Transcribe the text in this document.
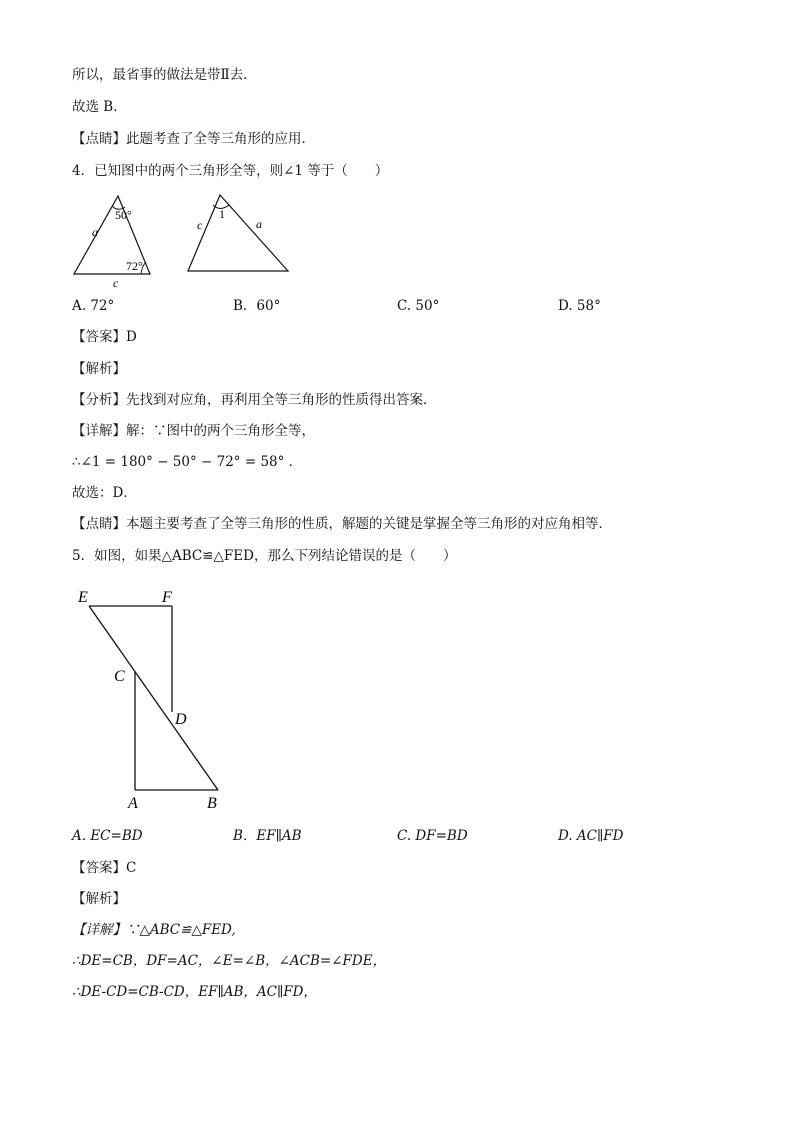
所以，最省事的做法是带Ⅱ去．
故选 B．
【点睛】此题考查了全等三角形的应用．
4．已知图中的两个三角形全等，则∠1 等于（　　）
50°
72°
a
c
1
c	a
A. 72°	B．60°	C. 50°	D. 58°
【答案】D
【解析】
【分析】先找到对应角，再利用全等三角形的性质得出答案．
【详解】解：∵图中的两个三角形全等，
∴∠1 = 180° − 50° − 72° = 58° ．
故选：D．
【点睛】本题主要考查了全等三角形的性质，解题的关键是掌握全等三角形的对应角相等．
5．如图，如果△ABC≌△FED，那么下列结论错误的是（　　）
E	F
C
D
A	B
A. EC=BD	B．EF∥AB	C. DF=BD	D. AC∥FD
【答案】C
【解析】
【详解】∵△ABC≌△FED,
∴DE=CB，DF=AC，∠E=∠B，∠ACB=∠FDE，
∴DE-CD=CB-CD，EF∥AB，AC∥FD，
